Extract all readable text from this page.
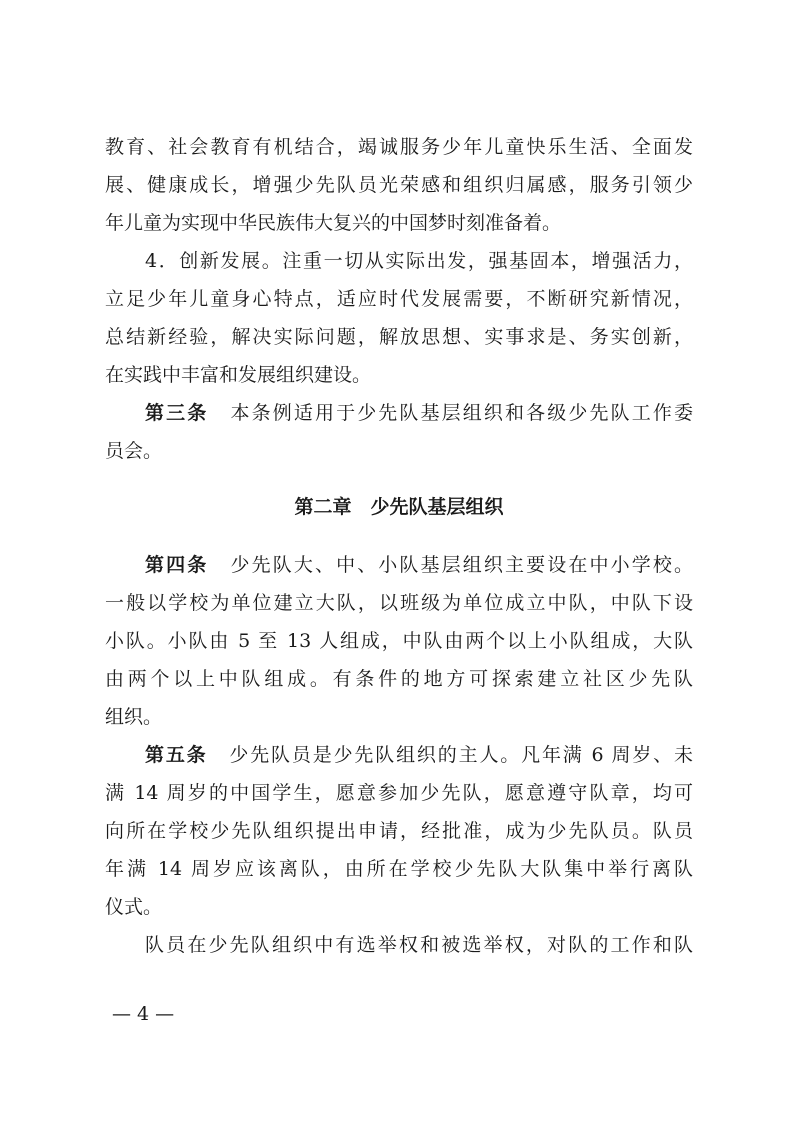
教育、社会教育有机结合，竭诚服务少年儿童快乐生活、全面发
展、健康成长，增强少先队员光荣感和组织归属感，服务引领少
年儿童为实现中华民族伟大复兴的中国梦时刻准备着。
4．创新发展。注重一切从实际出发，强基固本，增强活力，
立足少年儿童身心特点，适应时代发展需要，不断研究新情况，
总结新经验，解决实际问题，解放思想、实事求是、务实创新，
在实践中丰富和发展组织建设。
第三条 本条例适用于少先队基层组织和各级少先队工作委
员会。
第二章　少先队基层组织
第四条 少先队大、中、小队基层组织主要设在中小学校。
一般以学校为单位建立大队，以班级为单位成立中队，中队下设
小队。小队由 5 至 13 人组成，中队由两个以上小队组成，大队
由两个以上中队组成。有条件的地方可探索建立社区少先队
组织。
第五条 少先队员是少先队组织的主人。凡年满 6 周岁、未
满 14 周岁的中国学生，愿意参加少先队，愿意遵守队章，均可
向所在学校少先队组织提出申请，经批准，成为少先队员。队员
年满 14 周岁应该离队，由所在学校少先队大队集中举行离队
仪式。
队员在少先队组织中有选举权和被选举权，对队的工作和队
— 4 —
